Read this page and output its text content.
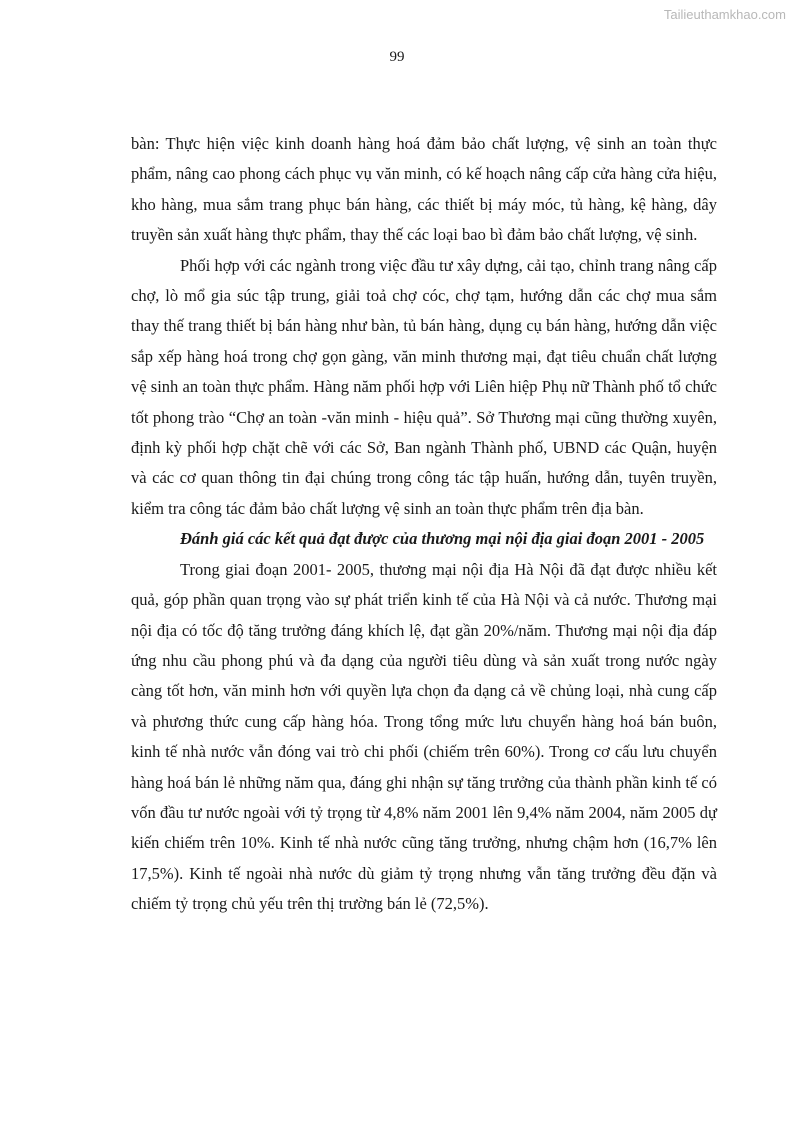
Tailieuthamkhao.com
99

bàn: Thực hiện việc kinh doanh hàng hoá đảm bảo chất lượng, vệ sinh an toàn thực phẩm, nâng cao phong cách phục vụ văn minh, có kế hoạch nâng cấp cửa hàng cửa hiệu, kho hàng, mua sắm trang phục bán hàng, các thiết bị máy móc, tủ hàng, kệ hàng, dây truyền sản xuất hàng thực phẩm, thay thế các loại bao bì đảm bảo chất lượng, vệ sinh.

Phối hợp với các ngành trong việc đầu tư xây dựng, cải tạo, chỉnh trang nâng cấp chợ, lò mổ gia súc tập trung, giải toả chợ cóc, chợ tạm, hướng dẫn các chợ mua sắm thay thế trang thiết bị bán hàng như bàn, tủ bán hàng, dụng cụ bán hàng, hướng dẫn việc sắp xếp hàng hoá trong chợ gọn gàng, văn minh thương mại, đạt tiêu chuẩn chất lượng vệ sinh an toàn thực phẩm. Hàng năm phối hợp với Liên hiệp Phụ nữ Thành phố tổ chức tốt phong trào “Chợ an toàn -văn minh - hiệu quả”. Sở Thương mại cũng thường xuyên, định kỳ phối hợp chặt chẽ với các Sở, Ban ngành Thành phố, UBND các Quận, huyện và các cơ quan thông tin đại chúng trong công tác tập huấn, hướng dẫn, tuyên truyền, kiểm tra công tác đảm bảo chất lượng vệ sinh an toàn thực phẩm trên địa bàn.

Đánh giá các kết quả đạt được của thương mại nội địa giai đoạn 2001 - 2005

Trong giai đoạn 2001- 2005, thương mại nội địa Hà Nội đã đạt được nhiều kết quả, góp phần quan trọng vào sự phát triển kinh tế của Hà Nội và cả nước. Thương mại nội địa có tốc độ tăng trưởng đáng khích lệ, đạt gần 20%/năm. Thương mại nội địa đáp ứng nhu cầu phong phú và đa dạng của người tiêu dùng và sản xuất trong nước ngày càng tốt hơn, văn minh hơn với quyền lựa chọn đa dạng cả về chủng loại, nhà cung cấp và phương thức cung cấp hàng hóa. Trong tổng mức lưu chuyển hàng hoá bán buôn, kinh tế nhà nước vẫn đóng vai trò chi phối (chiếm trên 60%). Trong cơ cấu lưu chuyển hàng hoá bán lẻ những năm qua, đáng ghi nhận sự tăng trưởng của thành phần kinh tế có vốn đầu tư nước ngoài với tỷ trọng từ 4,8% năm 2001 lên 9,4% năm 2004, năm 2005 dự kiến chiếm trên 10%. Kinh tế nhà nước cũng tăng trưởng, nhưng chậm hơn (16,7% lên 17,5%). Kinh tế ngoài nhà nước dù giảm tỷ trọng nhưng vẫn tăng trưởng đều đặn và chiếm tỷ trọng chủ yếu trên thị trường bán lẻ (72,5%).
